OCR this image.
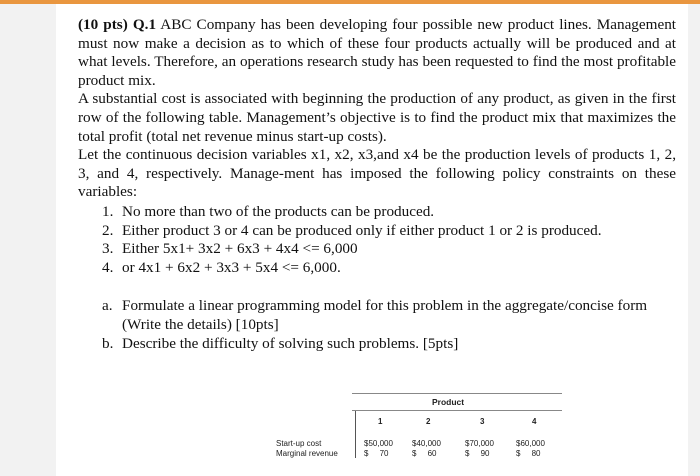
(10 pts) Q.1 ABC Company has been developing four possible new product lines. Management must now make a decision as to which of these four products actually will be produced and at what levels. Therefore, an operations research study has been requested to find the most profitable product mix.

A substantial cost is associated with beginning the production of any product, as given in the first row of the following table. Management’s objective is to find the product mix that maximizes the total profit (total net revenue minus start-up costs).

Let the continuous decision variables x1, x2, x3,and x4 be the production levels of products 1, 2, 3, and 4, respectively. Manage-ment has imposed the following policy constraints on these variables:

1. No more than two of the products can be produced.
2. Either product 3 or 4 can be produced only if either product 1 or 2 is produced.
3. Either 5x1+ 3x2 + 6x3 + 4x4 <= 6,000
4. or 4x1 + 6x2 + 3x3 + 5x4 <= 6,000.
a. Formulate a linear programming model for this problem in the aggregate/concise form (Write the details) [10pts]
b. Describe the difficulty of solving such problems. [5pts]
Product
1	2	3	4
Start-up cost	$50,000 $40,000	$70,000	$60,000
Marginal revenue	$     70	$     60	$     90	$     80
